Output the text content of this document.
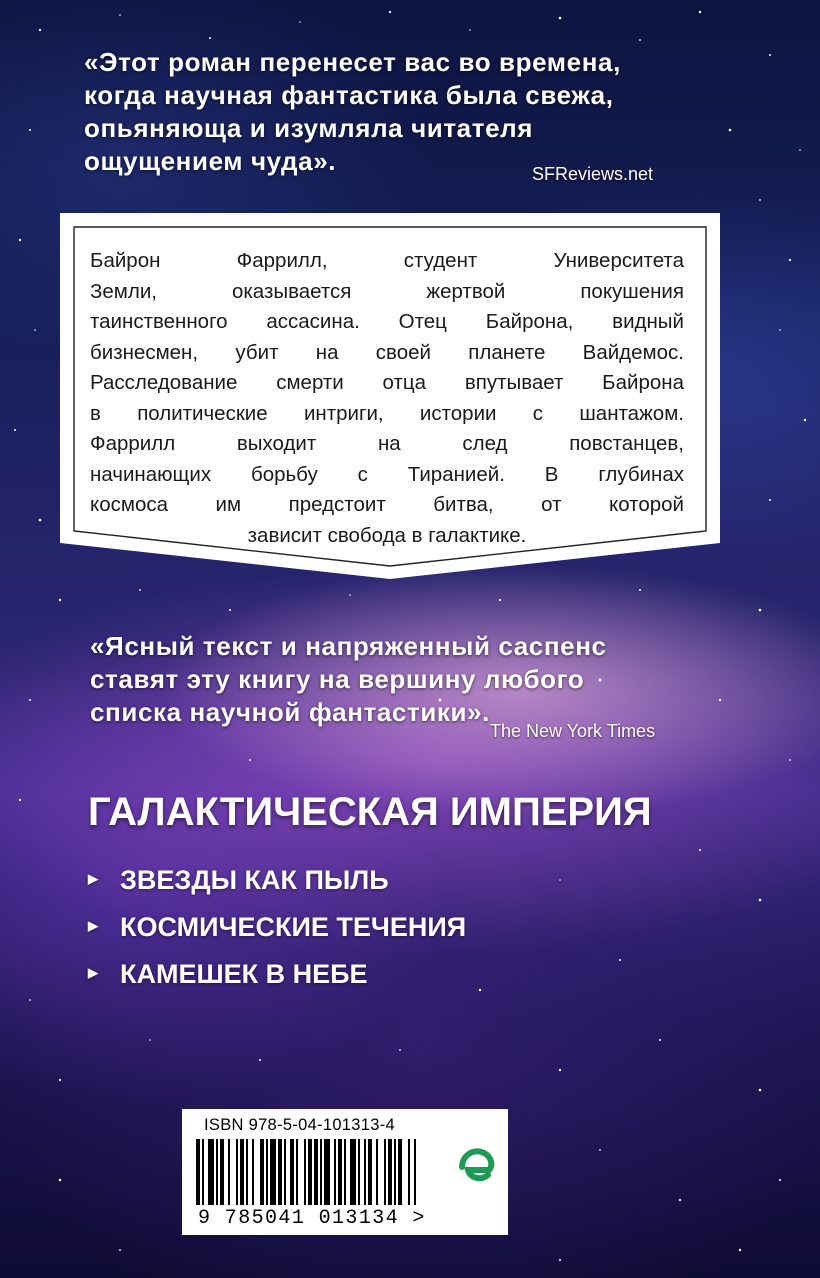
«Этот роман перенесет вас во времена,
когда научная фантастика была свежа,
опьяняюща и изумляла читателя
ощущением чуда».	SFReviews.net
Байрон Фаррилл, студент Университета
Земли, оказывается жертвой покушения
таинственного ассасина. Отец Байрона, видный
бизнесмен, убит на своей планете Вайдемос.
Расследование смерти отца впутывает Байрона
в политические интриги, истории с шантажом.
Фаррилл выходит на след повстанцев,
начинающих борьбу с Тиранией. В глубинах
космоса им предстоит битва, от которой
зависит свобода в галактике.
«Ясный текст и напряженный саспенс
ставят эту книгу на вершину любого
списка научной фантастики».
The New York Times
ГАЛАКТИЧЕСКАЯ ИМПЕРИЯ
▶ ЗВЕЗДЫ КАК ПЫЛЬ
▶ КОСМИЧЕСКИЕ ТЕЧЕНИЯ
▶ КАМЕШЕК В НЕБЕ
ISBN 978-5-04-101313-4
9 785041 013134 >
